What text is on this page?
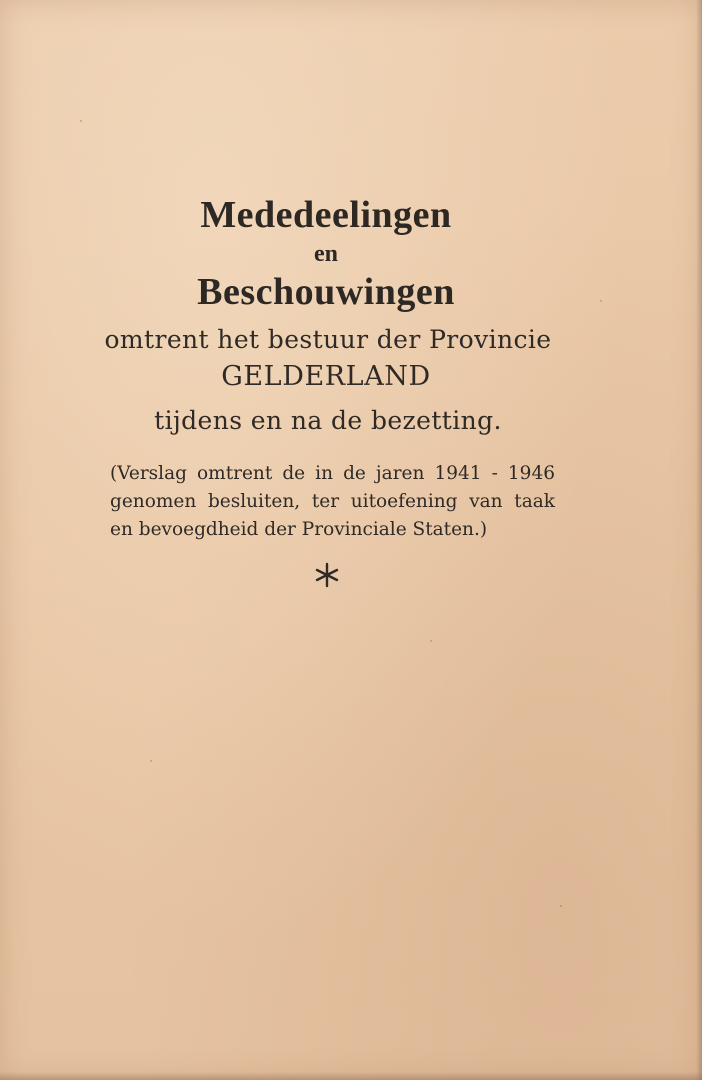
Mededeelingen
en
Beschouwingen
omtrent het bestuur der Provincie
GELDERLAND
tijdens en na de bezetting.
(Verslag omtrent de in de jaren 1941 - 1946
genomen besluiten, ter uitoefening van taak
en bevoegdheid der Provinciale Staten.)
